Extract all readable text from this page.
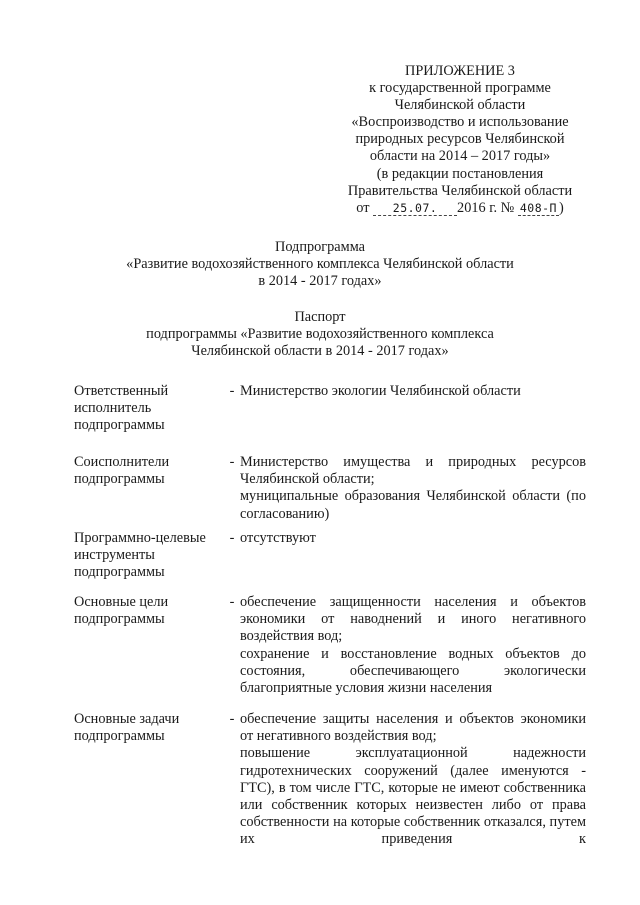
ПРИЛОЖЕНИЕ 3
к государственной программе
Челябинской области
«Воспроизводство и использование
природных ресурсов Челябинской
области на 2014 – 2017 годы»
(в редакции постановления
Правительства Челябинской области
от 25.07. 2016 г. № 408-П )
Подпрограмма
«Развитие водохозяйственного комплекса Челябинской области
в 2014 - 2017 годах»
Паспорт
подпрограммы «Развитие водохозяйственного комплекса
Челябинской области в 2014 - 2017 годах»
Ответственный
исполнитель
подпрограммы
- Министерство экологии Челябинской области

Соисполнители
подпрограммы
- Министерство имущества и природных ресурсов Челябинской области;

муниципальные образования Челябинской области (по согласованию)

Программно-целевые
инструменты
подпрограммы
- отсутствуют

Основные цели
подпрограммы
- обеспечение защищенности населения и объектов экономики от наводнений и иного негативного воздействия вод;

сохранение и восстановление водных объектов до состояния, обеспечивающего экологически благоприятные условия жизни населения

Основные задачи
подпрограммы
- обеспечение защиты населения и объектов экономики от негативного воздействия вод;

повышение эксплуатационной надежности гидротехнических сооружений (далее именуются - ГТС), в том числе ГТС, которые не имеют собственника или собственник которых неизвестен либо от права собственности на которые собственник отказался, путем их приведения к
